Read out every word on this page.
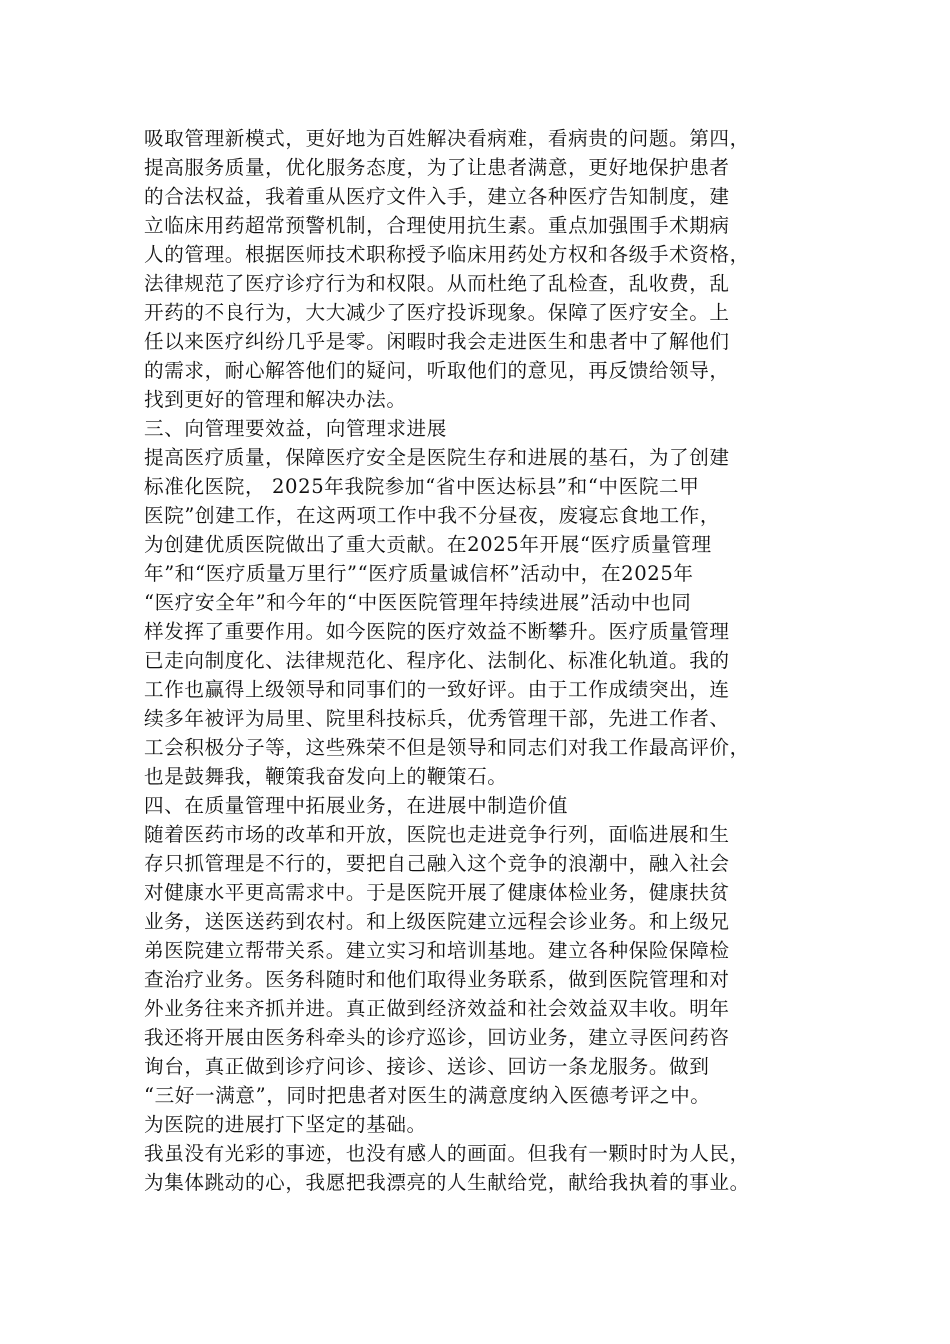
吸取管理新模式，更好地为百姓解决看病难，看病贵的问题。第四，
提高服务质量，优化服务态度，为了让患者满意，更好地保护患者
的合法权益，我着重从医疗文件入手，建立各种医疗告知制度，建
立临床用药超常预警机制，合理使用抗生素。重点加强围手术期病
人的管理。根据医师技术职称授予临床用药处方权和各级手术资格，
法律规范了医疗诊疗行为和权限。从而杜绝了乱检查，乱收费，乱
开药的不良行为，大大减少了医疗投诉现象。保障了医疗安全。上
任以来医疗纠纷几乎是零。闲暇时我会走进医生和患者中了解他们
的需求，耐心解答他们的疑问，听取他们的意见，再反馈给领导，
找到更好的管理和解决办法。
三、向管理要效益，向管理求进展
提高医疗质量，保障医疗安全是医院生存和进展的基石，为了创建
标准化医院， 2025年我院参加“省中医达标县”和“中医院二甲
医院”创建工作，在这两项工作中我不分昼夜，废寝忘食地工作，
为创建优质医院做出了重大贡献。在2025年开展“医疗质量管理
年”和“医疗质量万里行”“医疗质量诚信杯”活动中，在2025年
“医疗安全年”和今年的“中医医院管理年持续进展”活动中也同
样发挥了重要作用。如今医院的医疗效益不断攀升。医疗质量管理
已走向制度化、法律规范化、程序化、法制化、标准化轨道。我的
工作也赢得上级领导和同事们的一致好评。由于工作成绩突出，连
续多年被评为局里、院里科技标兵，优秀管理干部，先进工作者、
工会积极分子等，这些殊荣不但是领导和同志们对我工作最高评价，
也是鼓舞我，鞭策我奋发向上的鞭策石。
四、在质量管理中拓展业务，在进展中制造价值
随着医药市场的改革和开放，医院也走进竞争行列，面临进展和生
存只抓管理是不行的，要把自己融入这个竞争的浪潮中，融入社会
对健康水平更高需求中。于是医院开展了健康体检业务，健康扶贫
业务，送医送药到农村。和上级医院建立远程会诊业务。和上级兄
弟医院建立帮带关系。建立实习和培训基地。建立各种保险保障检
查治疗业务。医务科随时和他们取得业务联系，做到医院管理和对
外业务往来齐抓并进。真正做到经济效益和社会效益双丰收。明年
我还将开展由医务科牵头的诊疗巡诊，回访业务，建立寻医问药咨
询台，真正做到诊疗问诊、接诊、送诊、回访一条龙服务。做到
“三好一满意”，同时把患者对医生的满意度纳入医德考评之中。
为医院的进展打下坚定的基础。
我虽没有光彩的事迹，也没有感人的画面。但我有一颗时时为人民，
为集体跳动的心，我愿把我漂亮的人生献给党，献给我执着的事业。
